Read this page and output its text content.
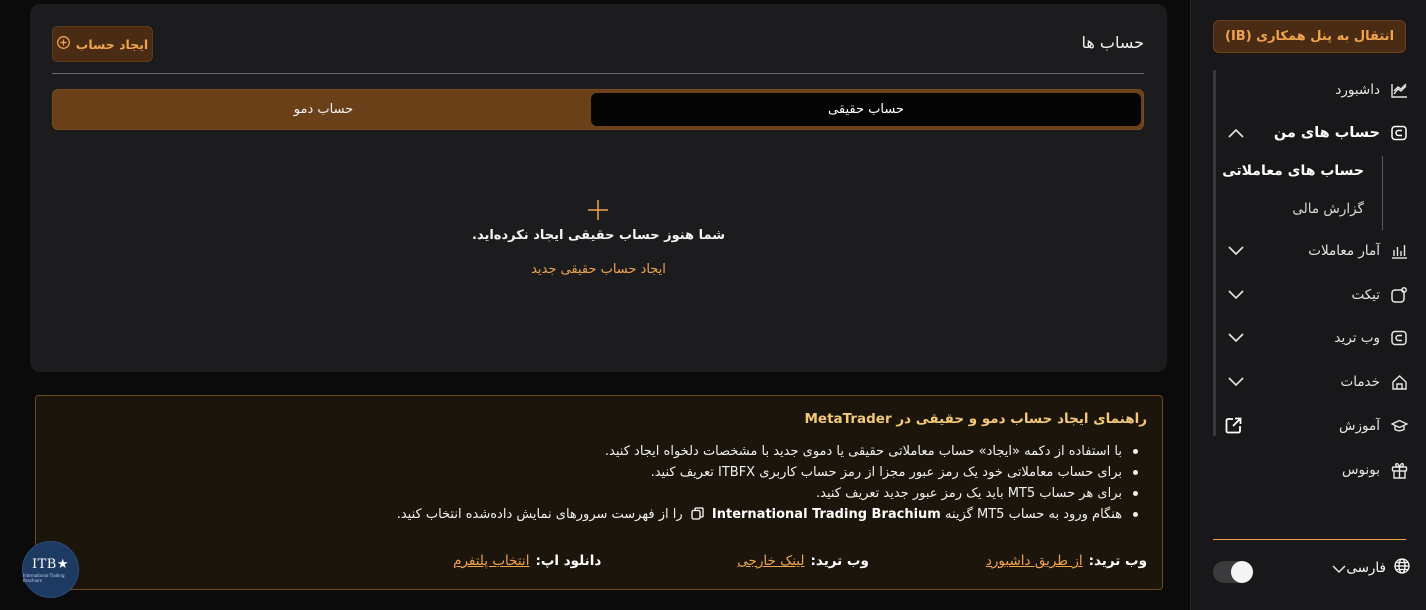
انتقال به پنل همکاری (IB)
داشبورد
حساب های من
حساب های معاملاتی
گزارش مالی
آمار معاملات
تیکت
وب ترید
خدمات
آموزش
بونوس
فارسی
حساب ها
ایجاد حساب
حساب حقیقی
حساب دمو
شما هنوز حساب حقیقی ایجاد نکرده‌اید.
ایجاد حساب حقیقی جدید
راهنمای ایجاد حساب دمو و حقیقی در MetaTrader
با استفاده از دکمه «ایجاد» حساب معاملاتی حقیقی یا دموی جدید با مشخصات دلخواه ایجاد کنید.
برای حساب معاملاتی خود یک رمز عبور مجزا از رمز حساب کاربری ITBFX تعریف کنید.
برای هر حساب MT5 باید یک رمز عبور جدید تعریف کنید.
هنگام ورود به حساب MT5 گزینه International Trading Brachium  را از فهرست سرورهای نمایش داده‌شده انتخاب کنید.
وب ترید:
از طریق داشبورد
وب ترید:
لینک خارجی
دانلود اپ:
انتخاب پلتفرم
ITB★
International Trading Brachium
